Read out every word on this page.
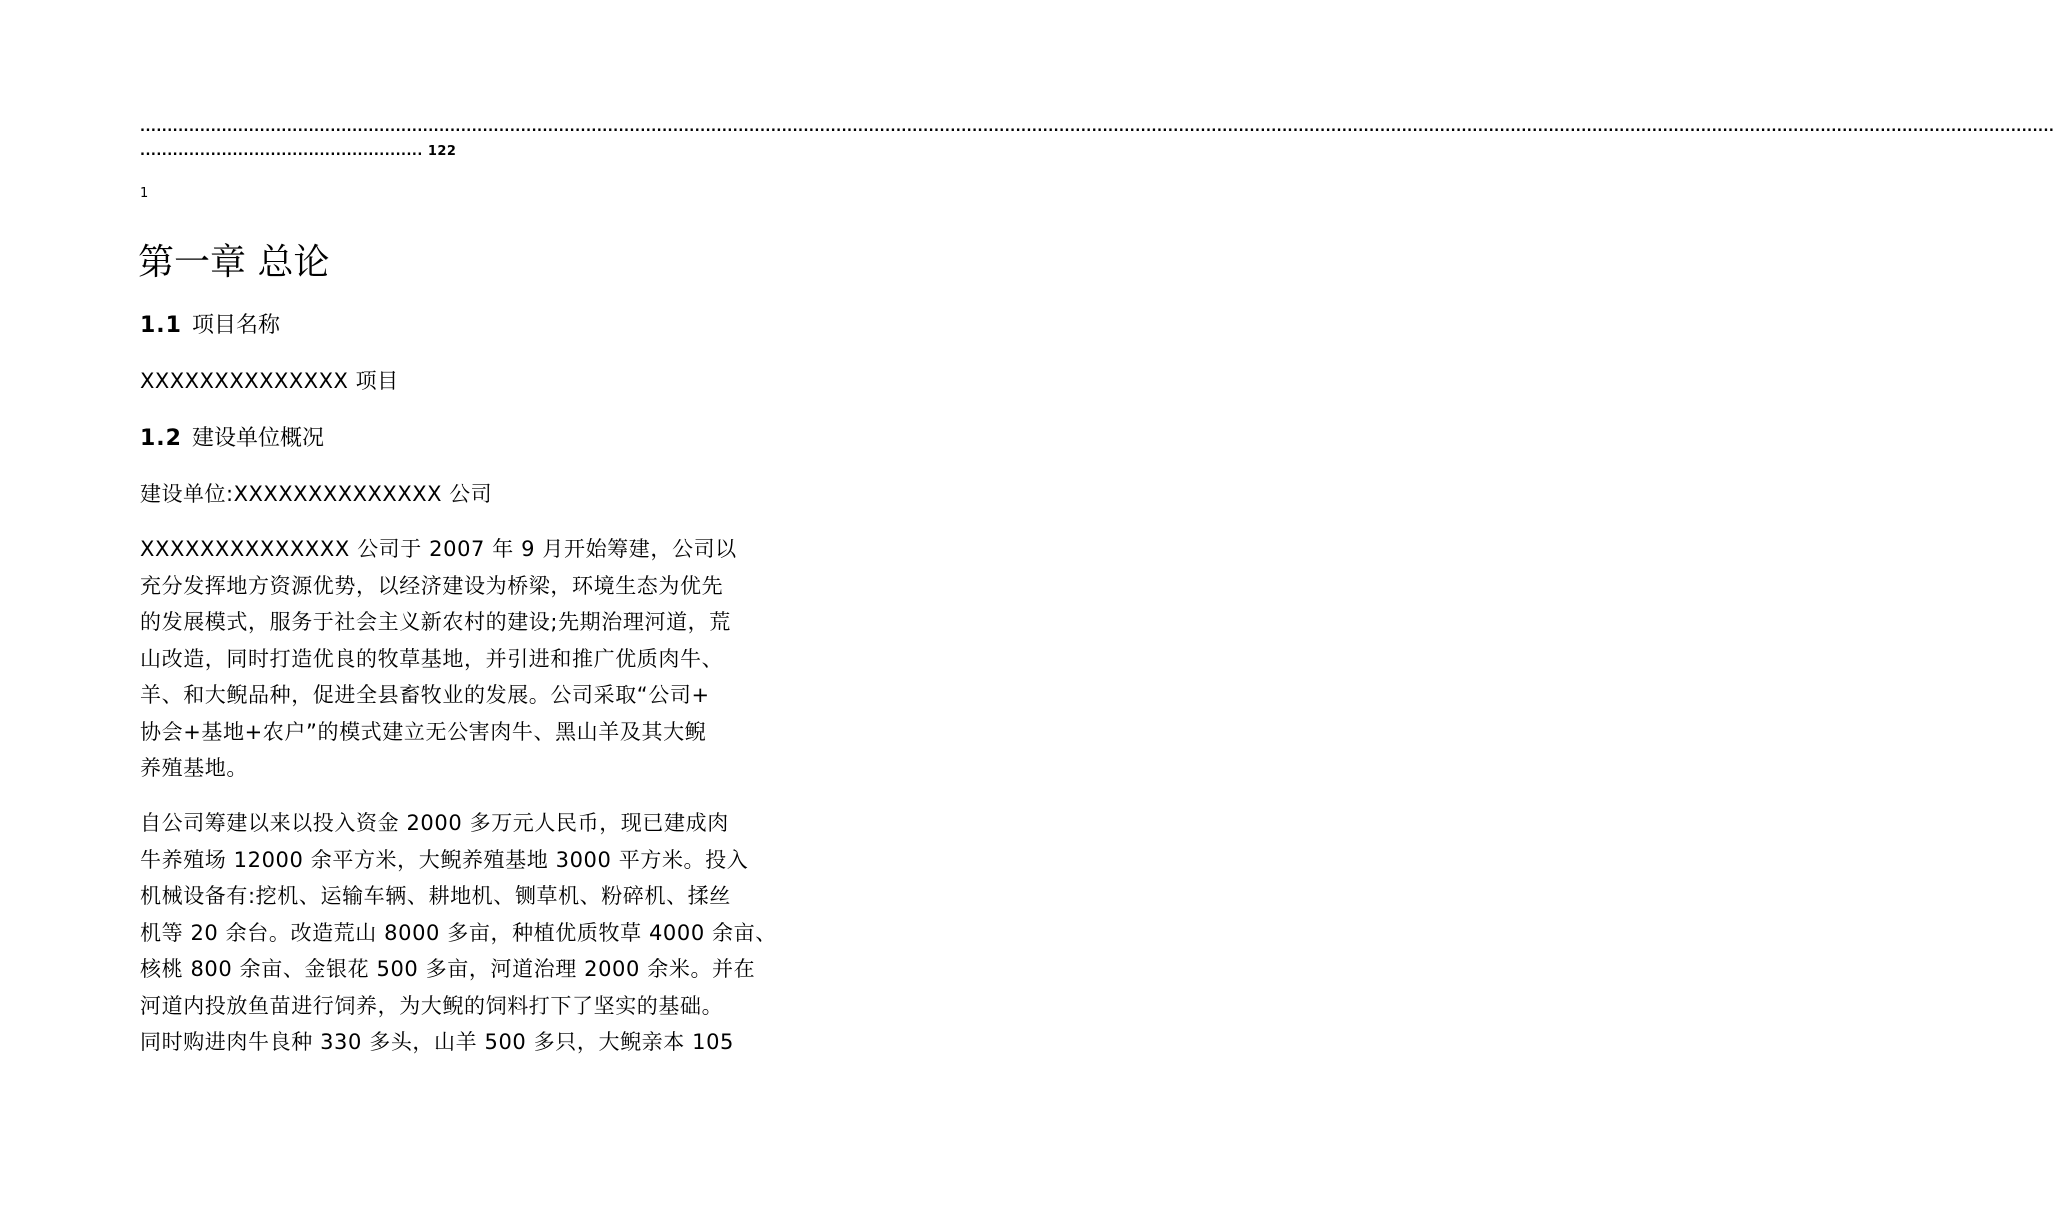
................................................................................................................................................................................................................................................................................................................................................................
.................................................... 122
1
第一章 总论
1.1 项目名称

XXXXXXXXXXXXXX 项目

1.2 建设单位概况

建设单位:XXXXXXXXXXXXXX 公司

XXXXXXXXXXXXXX 公司于 2007 年 9 月开始筹建，公司以
充分发挥地方资源优势，以经济建设为桥梁，环境生态为优先
的发展模式，服务于社会主义新农村的建设;先期治理河道，荒
山改造，同时打造优良的牧草基地，并引进和推广优质肉牛、
羊、和大鲵品种，促进全县畜牧业的发展。公司采取“公司+
协会+基地+农户”的模式建立无公害肉牛、黑山羊及其大鲵
养殖基地。
自公司筹建以来以投入资金 2000 多万元人民币，现已建成肉
牛养殖场 12000 余平方米，大鲵养殖基地 3000 平方米。投入
机械设备有:挖机、运输车辆、耕地机、铡草机、粉碎机、揉丝
机等 20 余台。改造荒山 8000 多亩，种植优质牧草 4000 余亩、
核桃 800 余亩、金银花 500 多亩，河道治理 2000 余米。并在
河道内投放鱼苗进行饲养，为大鲵的饲料打下了坚实的基础。
同时购进肉牛良种 330 多头，山羊 500 多只，大鲵亲本 105
